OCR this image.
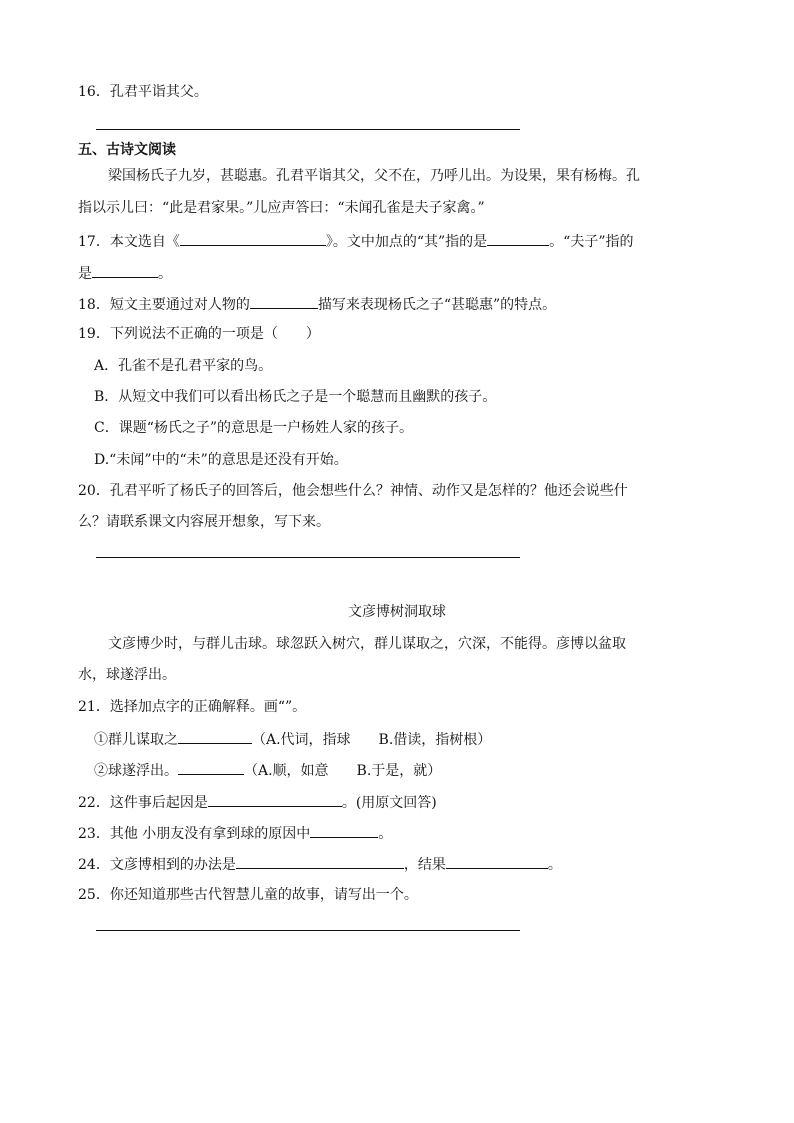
16．孔君平诣其父。
五、古诗文阅读
梁国杨氏子九岁，甚聪惠。孔君平诣其父，父不在，乃呼儿出。为设果，果有杨梅。孔
指以示儿曰：“此是君家果。”儿应声答曰：“未闻孔雀是夫子家禽。”
17．本文选自《	》。文中加点的“其”指的是	。“夫子”指的
是	。
18．短文主要通过对人物的	描写来表现杨氏之子“甚聪惠”的特点。
19．下列说法不正确的一项是（　　）
A．孔雀不是孔君平家的鸟。
B．从短文中我们可以看出杨氏之子是一个聪慧而且幽默的孩子。
C．课题“杨氏之子”的意思是一户杨姓人家的孩子。
D.“未闻”中的“未”的意思是还没有开始。
20．孔君平听了杨氏子的回答后，他会想些什么？神情、动作又是怎样的？他还会说些什
么？请联系课文内容展开想象，写下来。
文彦博树洞取球
文彦博少时，与群儿击球。球忽跃入树穴，群儿谋取之，穴深，不能得。彦博以盆取
水，球遂浮出。
21．选择加点字的正确解释。画“”。
①群儿谋取之	（A.代词，指球　　B.借读，指树根）
②球遂浮出。	（A.顺，如意　　B.于是，就）
22．这件事后起因是	。(用原文回答)
23．其他 小朋友没有拿到球的原因中	。
24．文彦博相到的办法是	，结果	。
25．你还知道那些古代智慧儿童的故事，请写出一个。
